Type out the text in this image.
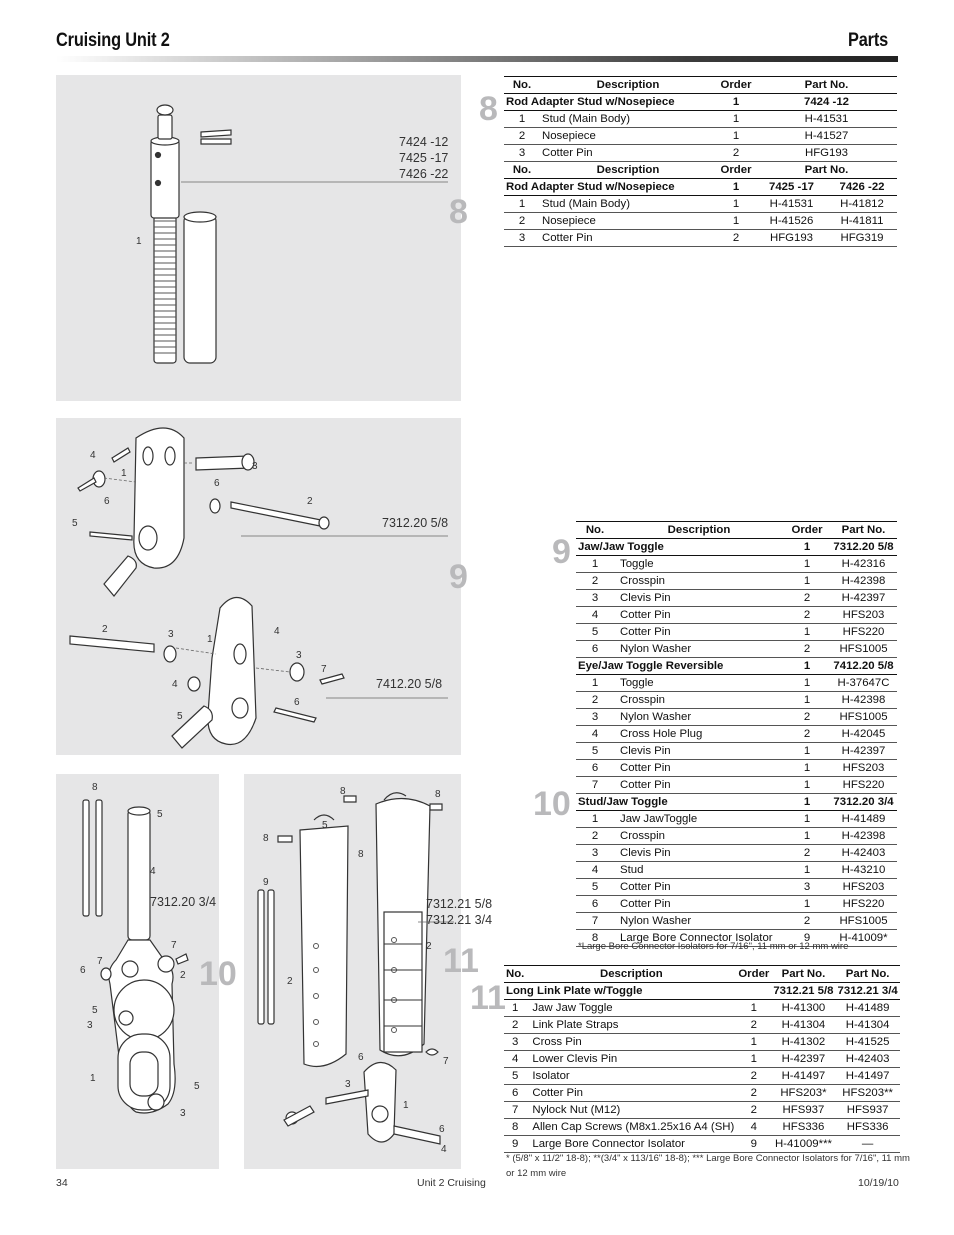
Cruising Unit 2	Parts
7424 -12
7425 -17
7426 -22
1
8
4
1
6
5
6
3
2
7312.20 5/8
2	3	1
4
3
7
4
5
6
7412.20 5/8
9
8
5
4
7
6
7
2
5
3
1
5
3
7312.20 3/4
10
8	8
8
5
8
9
2
2
6
3
7
1
6
4
7312.21 5/8
7312.21 3/4
11
8
No.	Description	Order	Part No.	
Rod Adapter Stud w/Nosepiece		1	7424 -12	
1	Stud (Main Body)	1	H-41531	
2	Nosepiece	1	H-41527	
3	Cotter Pin	2	HFG193	
No.	Description	Order	Part No.	
Rod Adapter Stud w/Nosepiece		1	7425 -17	7426 -22
1	Stud (Main Body)	1	H-41531	H-41812
2	Nosepiece	1	H-41526	H-41811
3	Cotter Pin	2	HFG193	HFG319
9
10
No.	Description	Order	Part No.
Jaw/Jaw Toggle		1	7312.20 5/8
1	Toggle	1	H-42316
2	Crosspin	1	H-42398
3	Clevis Pin	2	H-42397
4	Cotter Pin	2	HFS203
5	Cotter Pin	1	HFS220
6	Nylon Washer	2	HFS1005
Eye/Jaw Toggle Reversible		1	7412.20 5/8
1	Toggle	1	H-37647C
2	Crosspin	1	H-42398
3	Nylon Washer	2	HFS1005
4	Cross Hole Plug	2	H-42045
5	Clevis Pin	1	H-42397
6	Cotter Pin	1	HFS203
7	Cotter Pin	1	HFS220
Stud/Jaw Toggle		1	7312.20 3/4
1	Jaw JawToggle	1	H-41489
2	Crosspin	1	H-42398
3	Clevis Pin	2	H-42403
4	Stud	1	H-43210
5	Cotter Pin	3	HFS203
6	Cotter Pin	1	HFS220
7	Nylon Washer	2	HFS1005
8	Large Bore Connector Isolator	9	H-41009*
*Large Bore Connector Isolators for 7/16", 11 mm or 12 mm wire
11
No.	Description	Order	Part No.	Part No.
Long Link Plate w/Toggle			7312.21 5/8	7312.21 3/4
1	Jaw Jaw Toggle	1	H-41300	H-41489
2	Link Plate Straps	2	H-41304	H-41304
3	Cross Pin	1	H-41302	H-41525
4	Lower Clevis Pin	1	H-42397	H-42403
5	Isolator	2	H-41497	H-41497
6	Cotter Pin	2	HFS203*	HFS203**
7	Nylock Nut (M12)	2	HFS937	HFS937
8	Allen Cap Screws (M8x1.25x16 A4 (SH)	4	HFS336	HFS336
9	Large Bore Connector Isolator	9	H-41009***	—
* (5/8" x 11/2" 18-8); **(3/4" x 113/16" 18-8); *** Large Bore Connector Isolators for 7/16", 11 mm
or 12 mm wire
34	Unit 2 Cruising	10/19/10
